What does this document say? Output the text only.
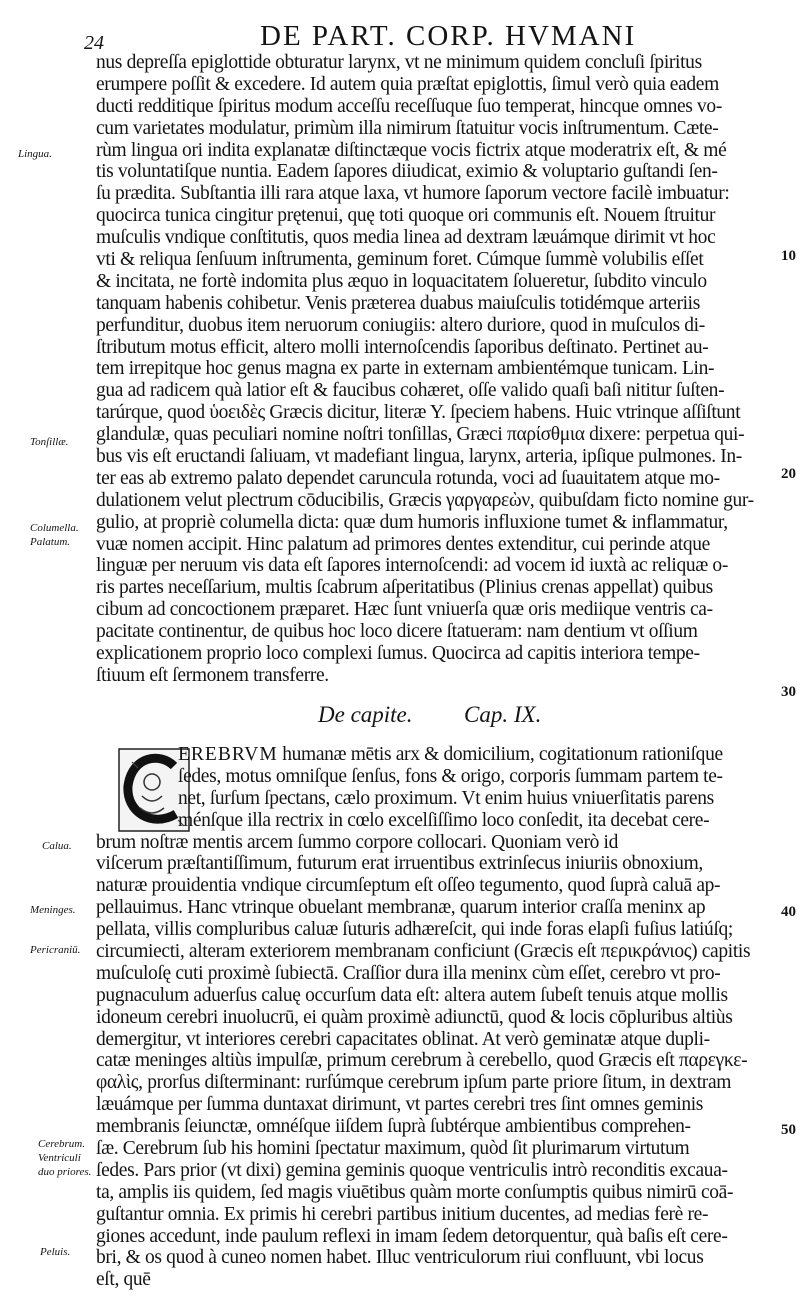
24	DE PART. CORP. HVMANI
nus depreſſa epiglottide obturatur larynx, vt ne minimum quidem concluſi ſpiritus
erumpere poſſit & excedere. Id autem quia præſtat epiglottis, ſimul verò quia eadem
ducti redditique ſpiritus modum acceſſu receſſuque ſuo temperat, hincque omnes vo-
cum varietates modulatur, primùm illa nimirum ſtatuitur vocis inſtrumentum. Cæte-
rùm lingua ori indita explanatæ diſtinctæque vocis fictrix atque moderatrix eſt, & mé
tis voluntatiſque nuntia. Eadem ſapores diiudicat, eximio & voluptario guſtandi ſen-
ſu prædita. Subſtantia illi rara atque laxa, vt humore ſaporum vectore facilè imbuatur:
quocirca tunica cingitur prętenui, quę toti quoque ori communis eſt. Nouem ſtruitur
muſculis vndique conſtitutis, quos media linea ad dextram læuámque dirimit vt hoc
vti & reliqua ſenſuum inſtrumenta, geminum foret. Cúmque ſummè volubilis eſſet
& incitata, ne fortè indomita plus æquo in loquacitatem ſolueretur, ſubdito vinculo
tanquam habenis cohibetur. Venis præterea duabus maiuſculis totidémque arteriis
perfunditur, duobus item neruorum coniugiis: altero duriore, quod in muſculos di-
ſtributum motus efficit, altero molli internoſcendis ſaporibus deſtinato. Pertinet au-
tem irrepitque hoc genus magna ex parte in externam ambientémque tunicam. Lin-
gua ad radicem quà latior eſt & faucibus cohæret, oſſe valido quaſi baſi nititur ſuſten-
tarúrque, quod ὑοειδὲς Græcis dicitur, literæ Y. ſpeciem habens. Huic vtrinque aſſiſtunt
glandulæ, quas peculiari nomine noſtri tonſillas, Græci παρίσθμια dixere: perpetua qui-
bus vis eſt eructandi ſaliuam, vt madefiant lingua, larynx, arteria, ipſique pulmones. In-
ter eas ab extremo palato dependet caruncula rotunda, voci ad ſuauitatem atque mo-
dulationem velut plectrum cōducibilis, Græcis γαργαρεὼν, quibuſdam ficto nomine gur-
gulio, at propriè columella dicta: quæ dum humoris influxione tumet & inflammatur,
vuæ nomen accipit. Hinc palatum ad primores dentes extenditur, cui perinde atque
linguæ per neruum vis data eſt ſapores internoſcendi: ad vocem id iuxtà ac reliquæ o-
ris partes neceſſarium, multis ſcabrum aſperitatibus (Plinius crenas appellat) quibus
cibum ad concoctionem præparet. Hæc ſunt vniuerſa quæ oris mediique ventris ca-
pacitate continentur, de quibus hoc loco dicere ſtatueram: nam dentium vt oſſium
explicationem proprio loco complexi ſumus. Quocirca ad capitis interiora tempe-
ſtiuum eſt ſermonem transferre.
De capite. Cap. IX.
EREBRVM humanæ mētis arx & domicilium, cogitationum rationiſque
ſedes, motus omniſque ſenſus, fons & origo, corporis ſummam partem te-
net, ſurſum ſpectans, cælo proximum. Vt enim huius vniuerſitatis parens
ménſque illa rectrix in cœlo excelſiſſimo loco conſedit, ita decebat cere-
brum noſtræ mentis arcem ſummo corpore collocari. Quoniam verò id
viſcerum præſtantiſſimum, futurum erat irruentibus extrinſecus iniuriis obnoxium,
naturæ prouidentia vndique circumſeptum eſt oſſeo tegumento, quod ſuprà caluā ap-
pellauimus. Hanc vtrinque obuelant membranæ, quarum interior craſſa meninx ap
pellata, villis compluribus caluæ ſuturis adhæreſcit, qui inde foras elapſi fuſius latiúſq;
circumiecti, alteram exteriorem membranam conficiunt (Græcis eſt περικράνιος) capitis
muſculoſę cuti proximè ſubiectā. Craſſior dura illa meninx cùm eſſet, cerebro vt pro-
pugnaculum aduerſus caluę occurſum data eſt: altera autem ſubeſt tenuis atque mollis
idoneum cerebri inuolucrū, ei quàm proximè adiunctū, quod & locis cōpluribus altiùs
demergitur, vt interiores cerebri capacitates oblinat. At verò geminatæ atque dupli-
catæ meninges altiùs impulſæ, primum cerebrum à cerebello, quod Græcis eſt παρεγκε-
φαλὶς, prorſus diſterminant: rurſúmque cerebrum ipſum parte priore ſitum, in dextram
læuámque per ſumma duntaxat dirimunt, vt partes cerebri tres ſint omnes geminis
membranis ſeiunctæ, omnéſque iiſdem ſuprà ſubtérque ambientibus comprehen-
ſæ. Cerebrum ſub his homini ſpectatur maximum, quòd ſit plurimarum virtutum
ſedes. Pars prior (vt dixi) gemina geminis quoque ventriculis intrò reconditis excaua-
ta, amplis iis quidem, ſed magis viuētibus quàm morte conſumptis quibus nimirū coā-
guſtantur omnia. Ex primis hi cerebri partibus initium ducentes, ad medias ferè re-
giones accedunt, inde paulum reflexi in imam ſedem detorquentur, quà baſis eſt cere-
bri, & os quod à cuneo nomen habet. Illuc ventriculorum riui confluunt, vbi locus
eſt, quē
Lingua.
Tonſillæ.
Columella.
Palatum.
Calua.
Meninges.
Pericraniū.
Cerebrum.
Ventriculi
duo priores.
Peluis.
10
20
30
40
50
